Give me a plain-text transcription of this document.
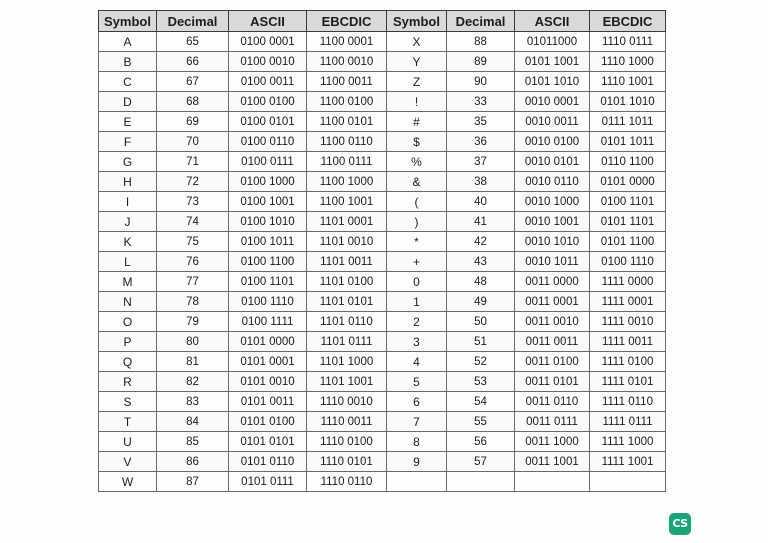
Symbol	Decimal	ASCII	EBCDIC	Symbol	Decimal	ASCII	EBCDIC
A	65	0100 0001	1100 0001	X	88	01011000	1110 0111
B	66	0100 0010	1100 0010	Y	89	0101 1001	1110 1000
C	67	0100 0011	1100 0011	Z	90	0101 1010	1110 1001
D	68	0100 0100	1100 0100	!	33	0010 0001	0101 1010
E	69	0100 0101	1100 0101	#	35	0010 0011	0111 1011
F	70	0100 0110	1100 0110	$	36	0010 0100	0101 1011
G	71	0100 0111	1100 0111	%	37	0010 0101	0110 1100
H	72	0100 1000	1100 1000	&	38	0010 0110	0101 0000
I	73	0100 1001	1100 1001	(	40	0010 1000	0100 1101
J	74	0100 1010	1101 0001	)	41	0010 1001	0101 1101
K	75	0100 1011	1101 0010	*	42	0010 1010	0101 1100
L	76	0100 1100	1101 0011	+	43	0010 1011	0100 1110
M	77	0100 1101	1101 0100	0	48	0011 0000	1111 0000
N	78	0100 1110	1101 0101	1	49	0011 0001	1111 0001
O	79	0100 1111	1101 0110	2	50	0011 0010	1111 0010
P	80	0101 0000	1101 0111	3	51	0011 0011	1111 0011
Q	81	0101 0001	1101 1000	4	52	0011 0100	1111 0100
R	82	0101 0010	1101 1001	5	53	0011 0101	1111 0101
S	83	0101 0011	1110 0010	6	54	0011 0110	1111 0110
T	84	0101 0100	1110 0011	7	55	0011 0111	1111 0111
U	85	0101 0101	1110 0100	8	56	0011 1000	1111 1000
V	86	0101 0110	1110 0101	9	57	0011 1001	1111 1001
W	87	0101 0111	1110 0110				
CS
